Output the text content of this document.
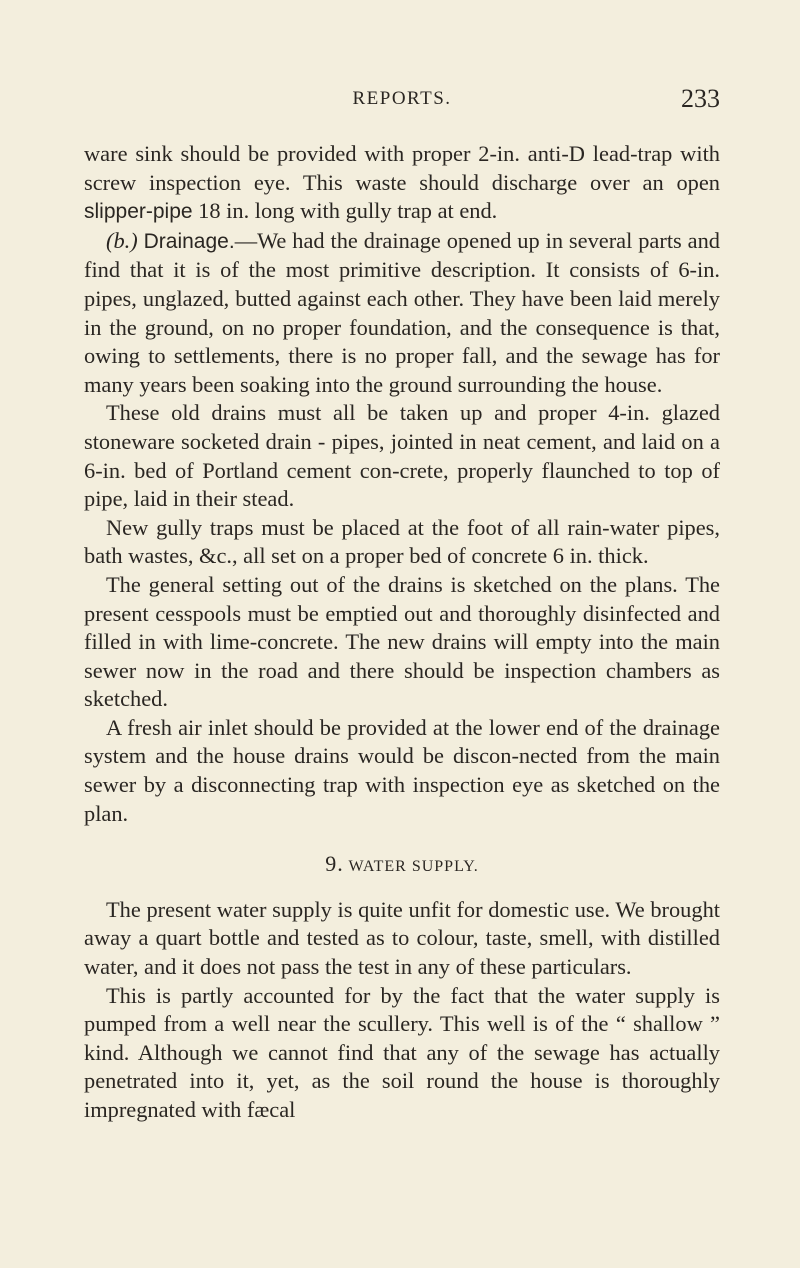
REPORTS.	233

ware sink should be provided with proper 2-in. anti-D lead-trap with screw inspection eye. This waste should discharge over an open slipper-pipe 18 in. long with gully trap at end.

(b.) Drainage.—We had the drainage opened up in several parts and find that it is of the most primitive description. It consists of 6-in. pipes, unglazed, butted against each other. They have been laid merely in the ground, on no proper foundation, and the consequence is that, owing to settlements, there is no proper fall, and the sewage has for many years been soaking into the ground surrounding the house.

These old drains must all be taken up and proper 4-in. glazed stoneware socketed drain - pipes, jointed in neat cement, and laid on a 6-in. bed of Portland cement con-crete, properly flaunched to top of pipe, laid in their stead.

New gully traps must be placed at the foot of all rain-water pipes, bath wastes, &c., all set on a proper bed of concrete 6 in. thick.

The general setting out of the drains is sketched on the plans. The present cesspools must be emptied out and thoroughly disinfected and filled in with lime-concrete. The new drains will empty into the main sewer now in the road and there should be inspection chambers as sketched.

A fresh air inlet should be provided at the lower end of the drainage system and the house drains would be discon-nected from the main sewer by a disconnecting trap with inspection eye as sketched on the plan.

9. WATER SUPPLY.

The present water supply is quite unfit for domestic use. We brought away a quart bottle and tested as to colour, taste, smell, with distilled water, and it does not pass the test in any of these particulars.

This is partly accounted for by the fact that the water supply is pumped from a well near the scullery. This well is of the “ shallow ” kind. Although we cannot find that any of the sewage has actually penetrated into it, yet, as the soil round the house is thoroughly impregnated with fæcal
